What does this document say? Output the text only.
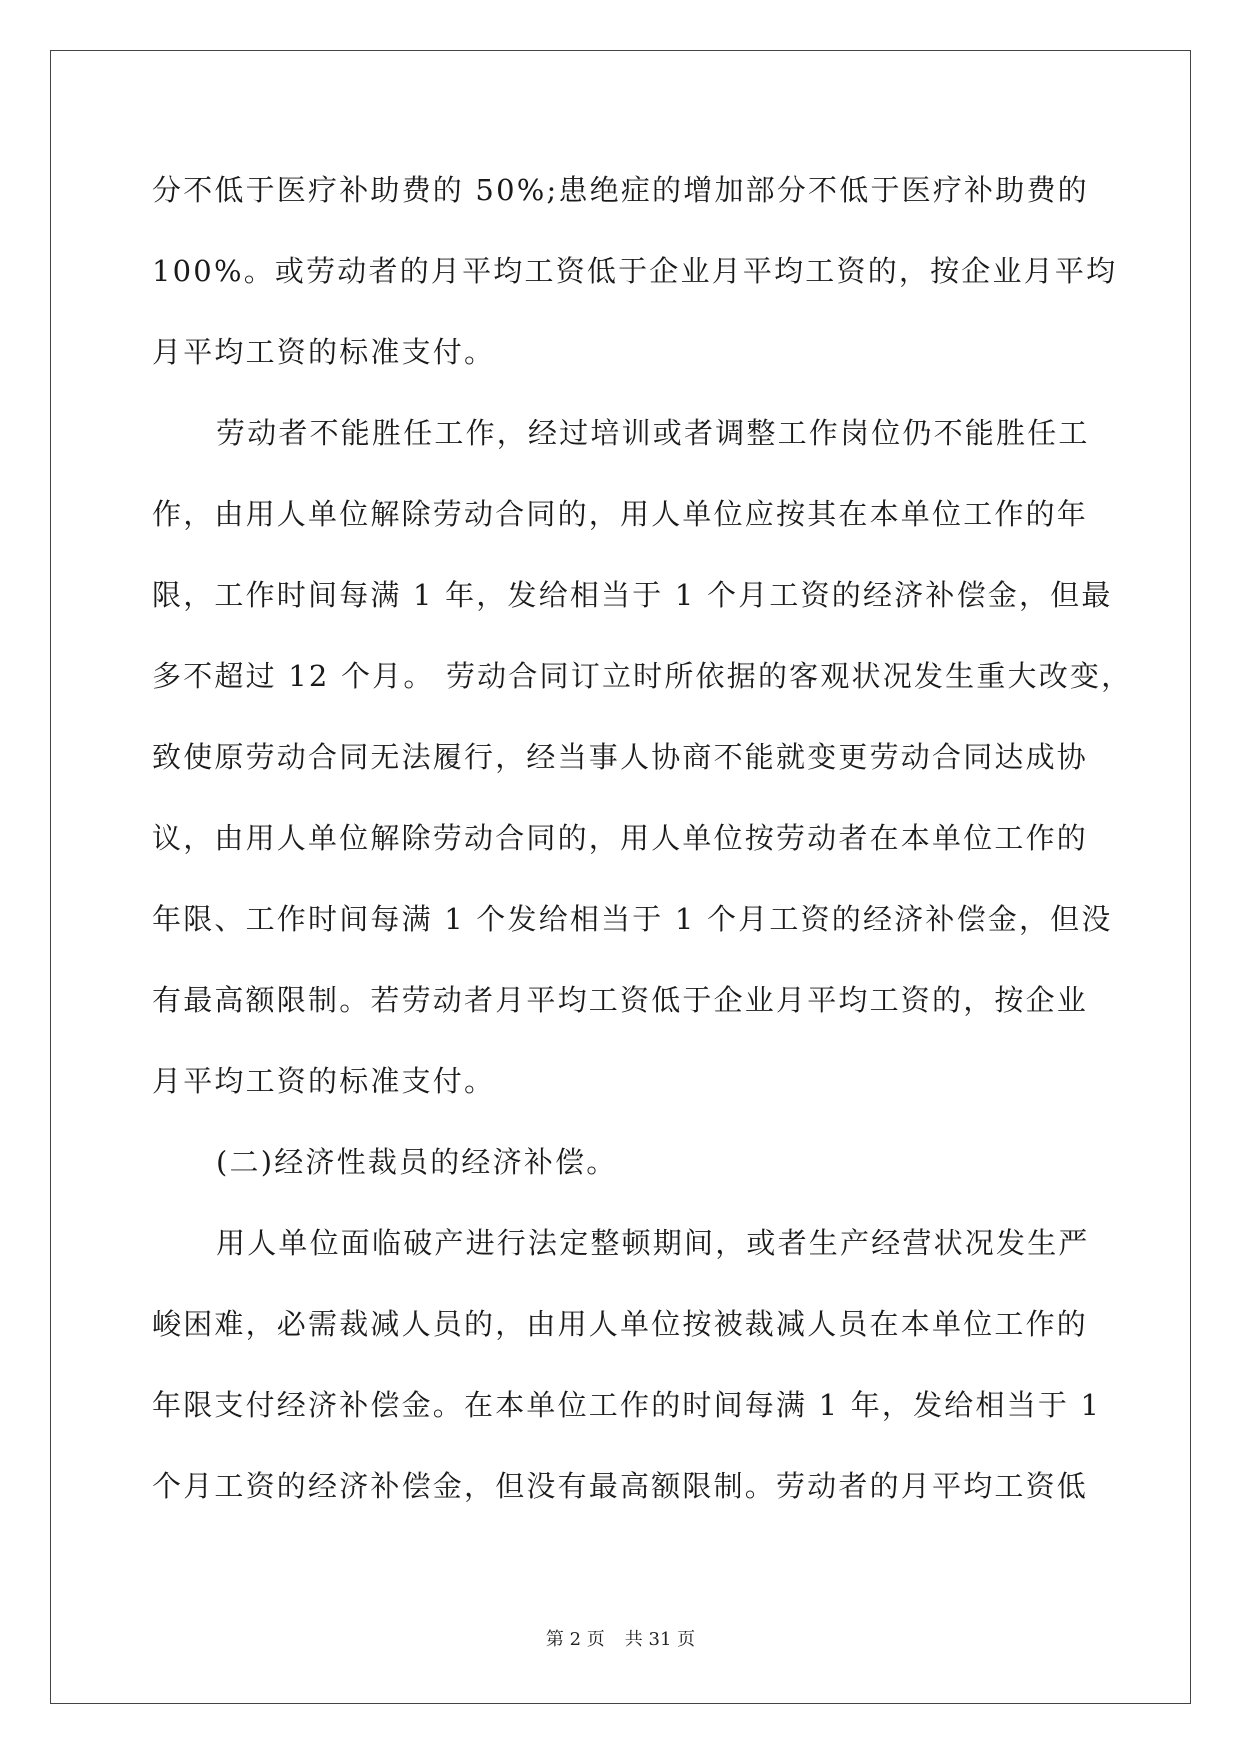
分不低于医疗补助费的 50%;患绝症的增加部分不低于医疗补助费的
100%。或劳动者的月平均工资低于企业月平均工资的，按企业月平均
月平均工资的标准支付。
劳动者不能胜任工作，经过培训或者调整工作岗位仍不能胜任工
作，由用人单位解除劳动合同的，用人单位应按其在本单位工作的年
限，工作时间每满 1 年，发给相当于 1 个月工资的经济补偿金，但最
多不超过 12 个月。 劳动合同订立时所依据的客观状况发生重大改变，
致使原劳动合同无法履行，经当事人协商不能就变更劳动合同达成协
议，由用人单位解除劳动合同的，用人单位按劳动者在本单位工作的
年限、工作时间每满 1 个发给相当于 1 个月工资的经济补偿金，但没
有最高额限制。若劳动者月平均工资低于企业月平均工资的，按企业
月平均工资的标准支付。
(二)经济性裁员的经济补偿。
用人单位面临破产进行法定整顿期间，或者生产经营状况发生严
峻困难，必需裁减人员的，由用人单位按被裁减人员在本单位工作的
年限支付经济补偿金。在本单位工作的时间每满 1 年，发给相当于 1
个月工资的经济补偿金，但没有最高额限制。劳动者的月平均工资低
第 2 页 共 31 页
